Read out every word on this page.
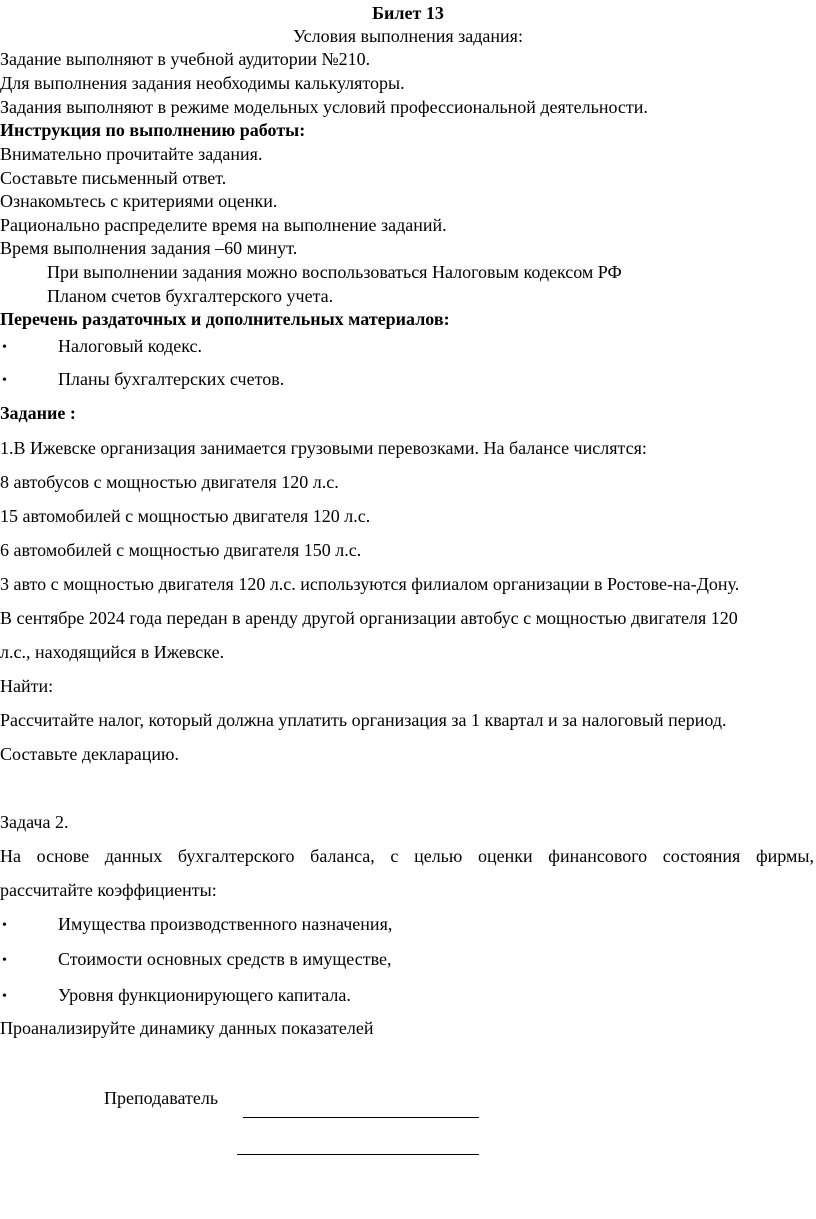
Билет 13
Условия выполнения задания:
Задание выполняют в учебной аудитории №210.
Для выполнения задания необходимы калькуляторы.
Задания выполняют в режиме модельных условий профессиональной деятельности.
Инструкция по выполнению работы:
Внимательно прочитайте задания.
Составьте письменный ответ.
Ознакомьтесь с критериями оценки.
Рационально распределите время на выполнение заданий.
Время выполнения задания –60 минут.
При выполнении задания можно воспользоваться Налоговым кодексом РФ
Планом счетов бухгалтерского учета.
Перечень раздаточных и дополнительных материалов:
•	Налоговый кодекс.
•	Планы бухгалтерских счетов.
Задание :
1.В Ижевске организация занимается грузовыми перевозками. На балансе числятся:
8 автобусов с мощностью двигателя 120 л.с.
15 автомобилей с мощностью двигателя 120 л.с.
6 автомобилей с мощностью двигателя 150 л.с.
3 авто с мощностью двигателя 120 л.с. используются филиалом организации в Ростове-на-Дону.
В сентябре 2024 года передан в аренду другой организации автобус с мощностью двигателя 120
л.с., находящийся в Ижевске.
Найти:
Рассчитайте налог, который должна уплатить организация за 1 квартал и за налоговый период.
Составьте декларацию.
Задача 2.
На основе данных бухгалтерского баланса, с целью оценки финансового состояния фирмы,
рассчитайте коэффициенты:
•	Имущества производственного назначения,
•	Стоимости основных средств в имуществе,
•	Уровня функционирующего капитала.
Проанализируйте динамику данных показателей
Преподаватель
